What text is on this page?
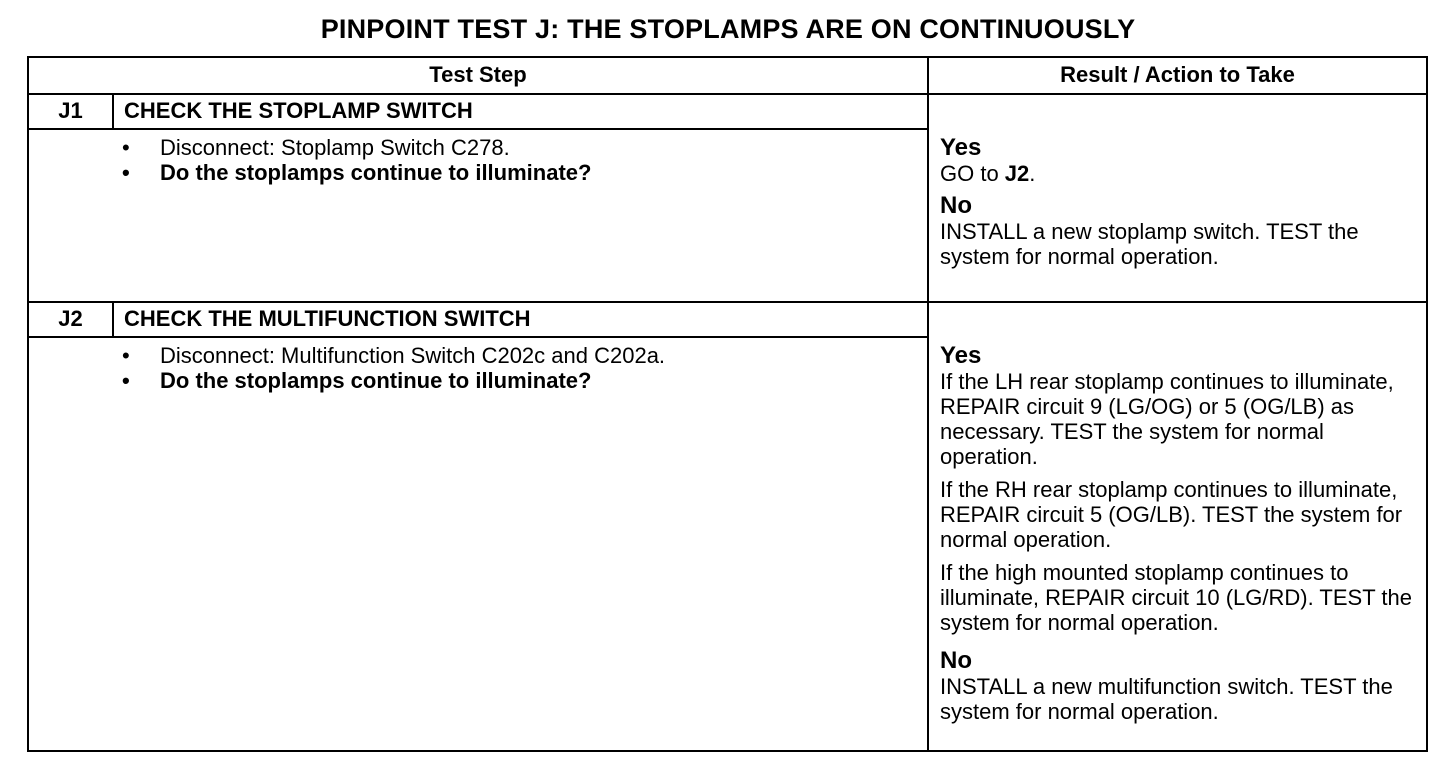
PINPOINT TEST J: THE STOPLAMPS ARE ON CONTINUOUSLY
Test Step	Result / Action to Take
J1	CHECK THE STOPLAMP SWITCH
• Disconnect: Stoplamp Switch C278.
• Do the stoplamps continue to illuminate?
Yes

GO to J2.

No

INSTALL a new stoplamp switch. TEST the system for normal operation.

J2	CHECK THE MULTIFUNCTION SWITCH
• Disconnect: Multifunction Switch C202c and C202a.
• Do the stoplamps continue to illuminate?
Yes

If the LH rear stoplamp continues to illuminate, REPAIR circuit 9 (LG/OG) or 5 (OG/LB) as necessary. TEST the system for normal operation.

If the RH rear stoplamp continues to illuminate, REPAIR circuit 5 (OG/LB). TEST the system for normal operation.

If the high mounted stoplamp continues to illuminate, REPAIR circuit 10 (LG/RD). TEST the system for normal operation.

No

INSTALL a new multifunction switch. TEST the system for normal operation.
